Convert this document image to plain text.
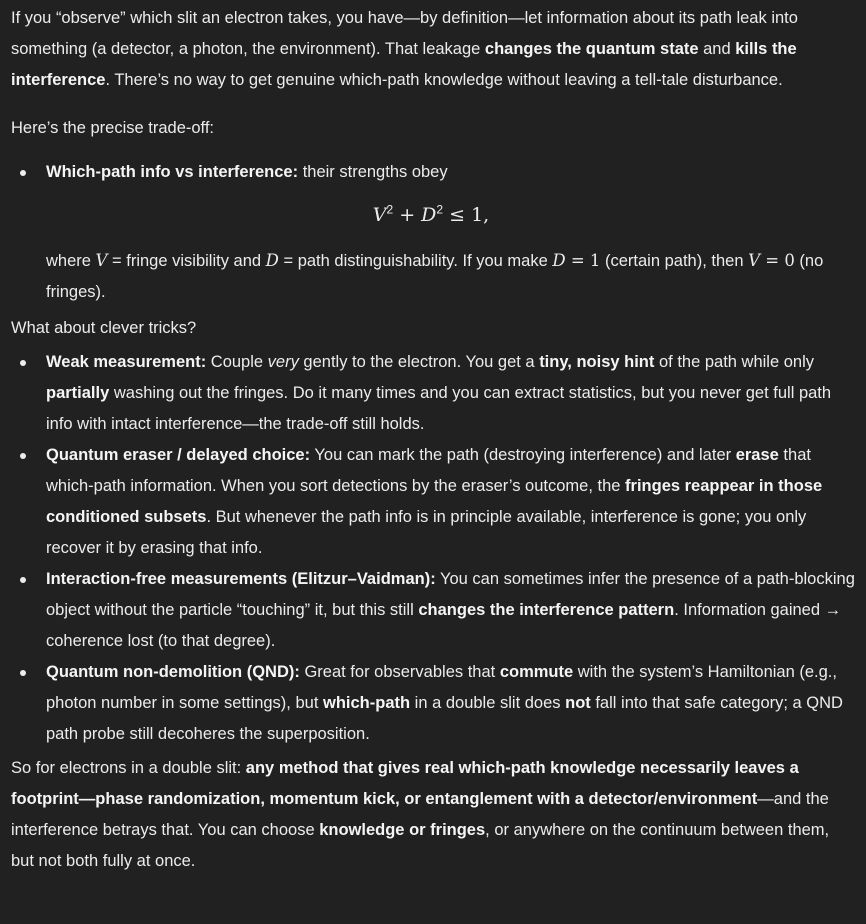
If you “observe” which slit an electron takes, you have—by definition—let information about its path leak into something (a detector, a photon, the environment). That leakage changes the quantum state and kills the interference. There’s no way to get genuine which-path knowledge without leaving a tell-tale disturbance.

Here’s the precise trade-off:

Which-path info vs interference: their strengths obey
$V^2 + D^2 \le 1$,
where V = fringe visibility and D = path distinguishability. If you make D = 1 (certain path), then V = 0 (no fringes).

What about clever tricks?

Weak measurement: Couple very gently to the electron. You get a tiny, noisy hint of the path while only partially washing out the fringes. Do it many times and you can extract statistics, but you never get full path info with intact interference—the trade-off still holds.
Quantum eraser / delayed choice: You can mark the path (destroying interference) and later erase that which-path information. When you sort detections by the eraser’s outcome, the fringes reappear in those conditioned subsets. But whenever the path info is in principle available, interference is gone; you only recover it by erasing that info.
Interaction-free measurements (Elitzur–Vaidman): You can sometimes infer the presence of a path-blocking object without the particle “touching” it, but this still changes the interference pattern. Information gained → coherence lost (to that degree).
Quantum non-demolition (QND): Great for observables that commute with the system’s Hamiltonian (e.g., photon number in some settings), but which-path in a double slit does not fall into that safe category; a QND path probe still decoheres the superposition.

So for electrons in a double slit: any method that gives real which-path knowledge necessarily leaves a footprint—phase randomization, momentum kick, or entanglement with a detector/environment—and the interference betrays that. You can choose knowledge or fringes, or anywhere on the continuum between them, but not both fully at once.
